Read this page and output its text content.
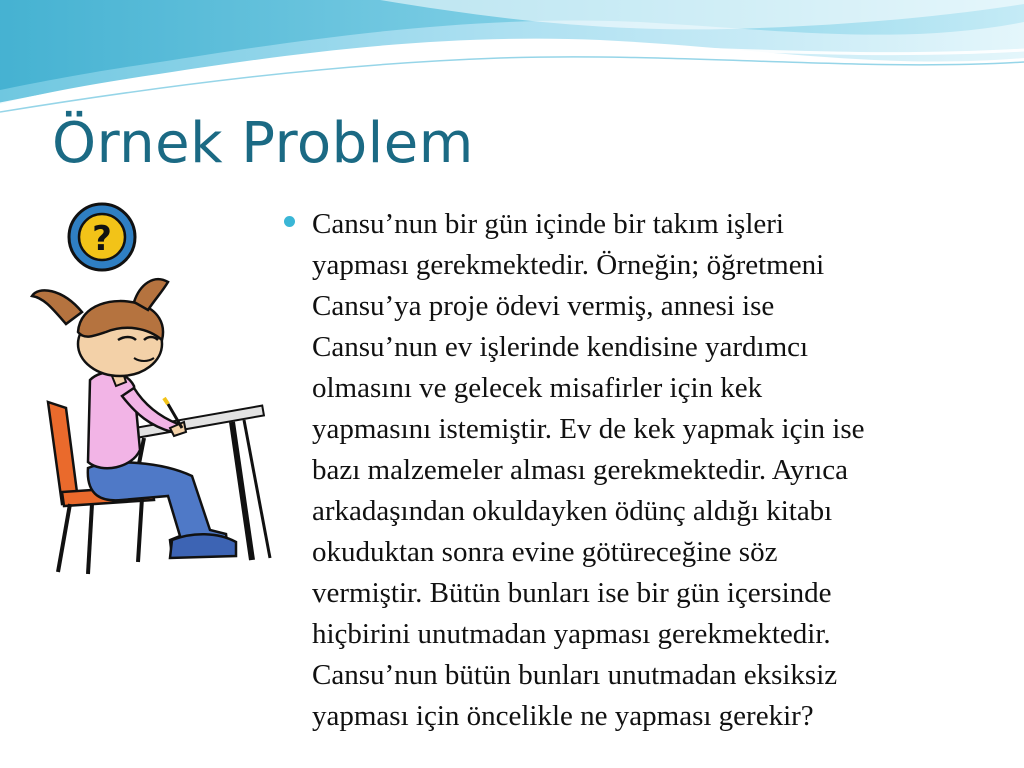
Örnek Problem
?	Cansu’nun bir gün içinde bir takım işleri
yapması gerekmektedir. Örneğin; öğretmeni
Cansu’ya proje ödevi vermiş, annesi ise
Cansu’nun ev işlerinde kendisine yardımcı
olmasını ve gelecek misafirler için kek
yapmasını istemiştir. Ev de kek yapmak için ise
bazı malzemeler alması gerekmektedir. Ayrıca
arkadaşından okuldayken ödünç aldığı kitabı
okuduktan sonra evine götüreceğine söz
vermiştir. Bütün bunları ise bir gün içersinde
hiçbirini unutmadan yapması gerekmektedir.
Cansu’nun bütün bunları unutmadan eksiksiz
yapması için öncelikle ne yapması gerekir?
